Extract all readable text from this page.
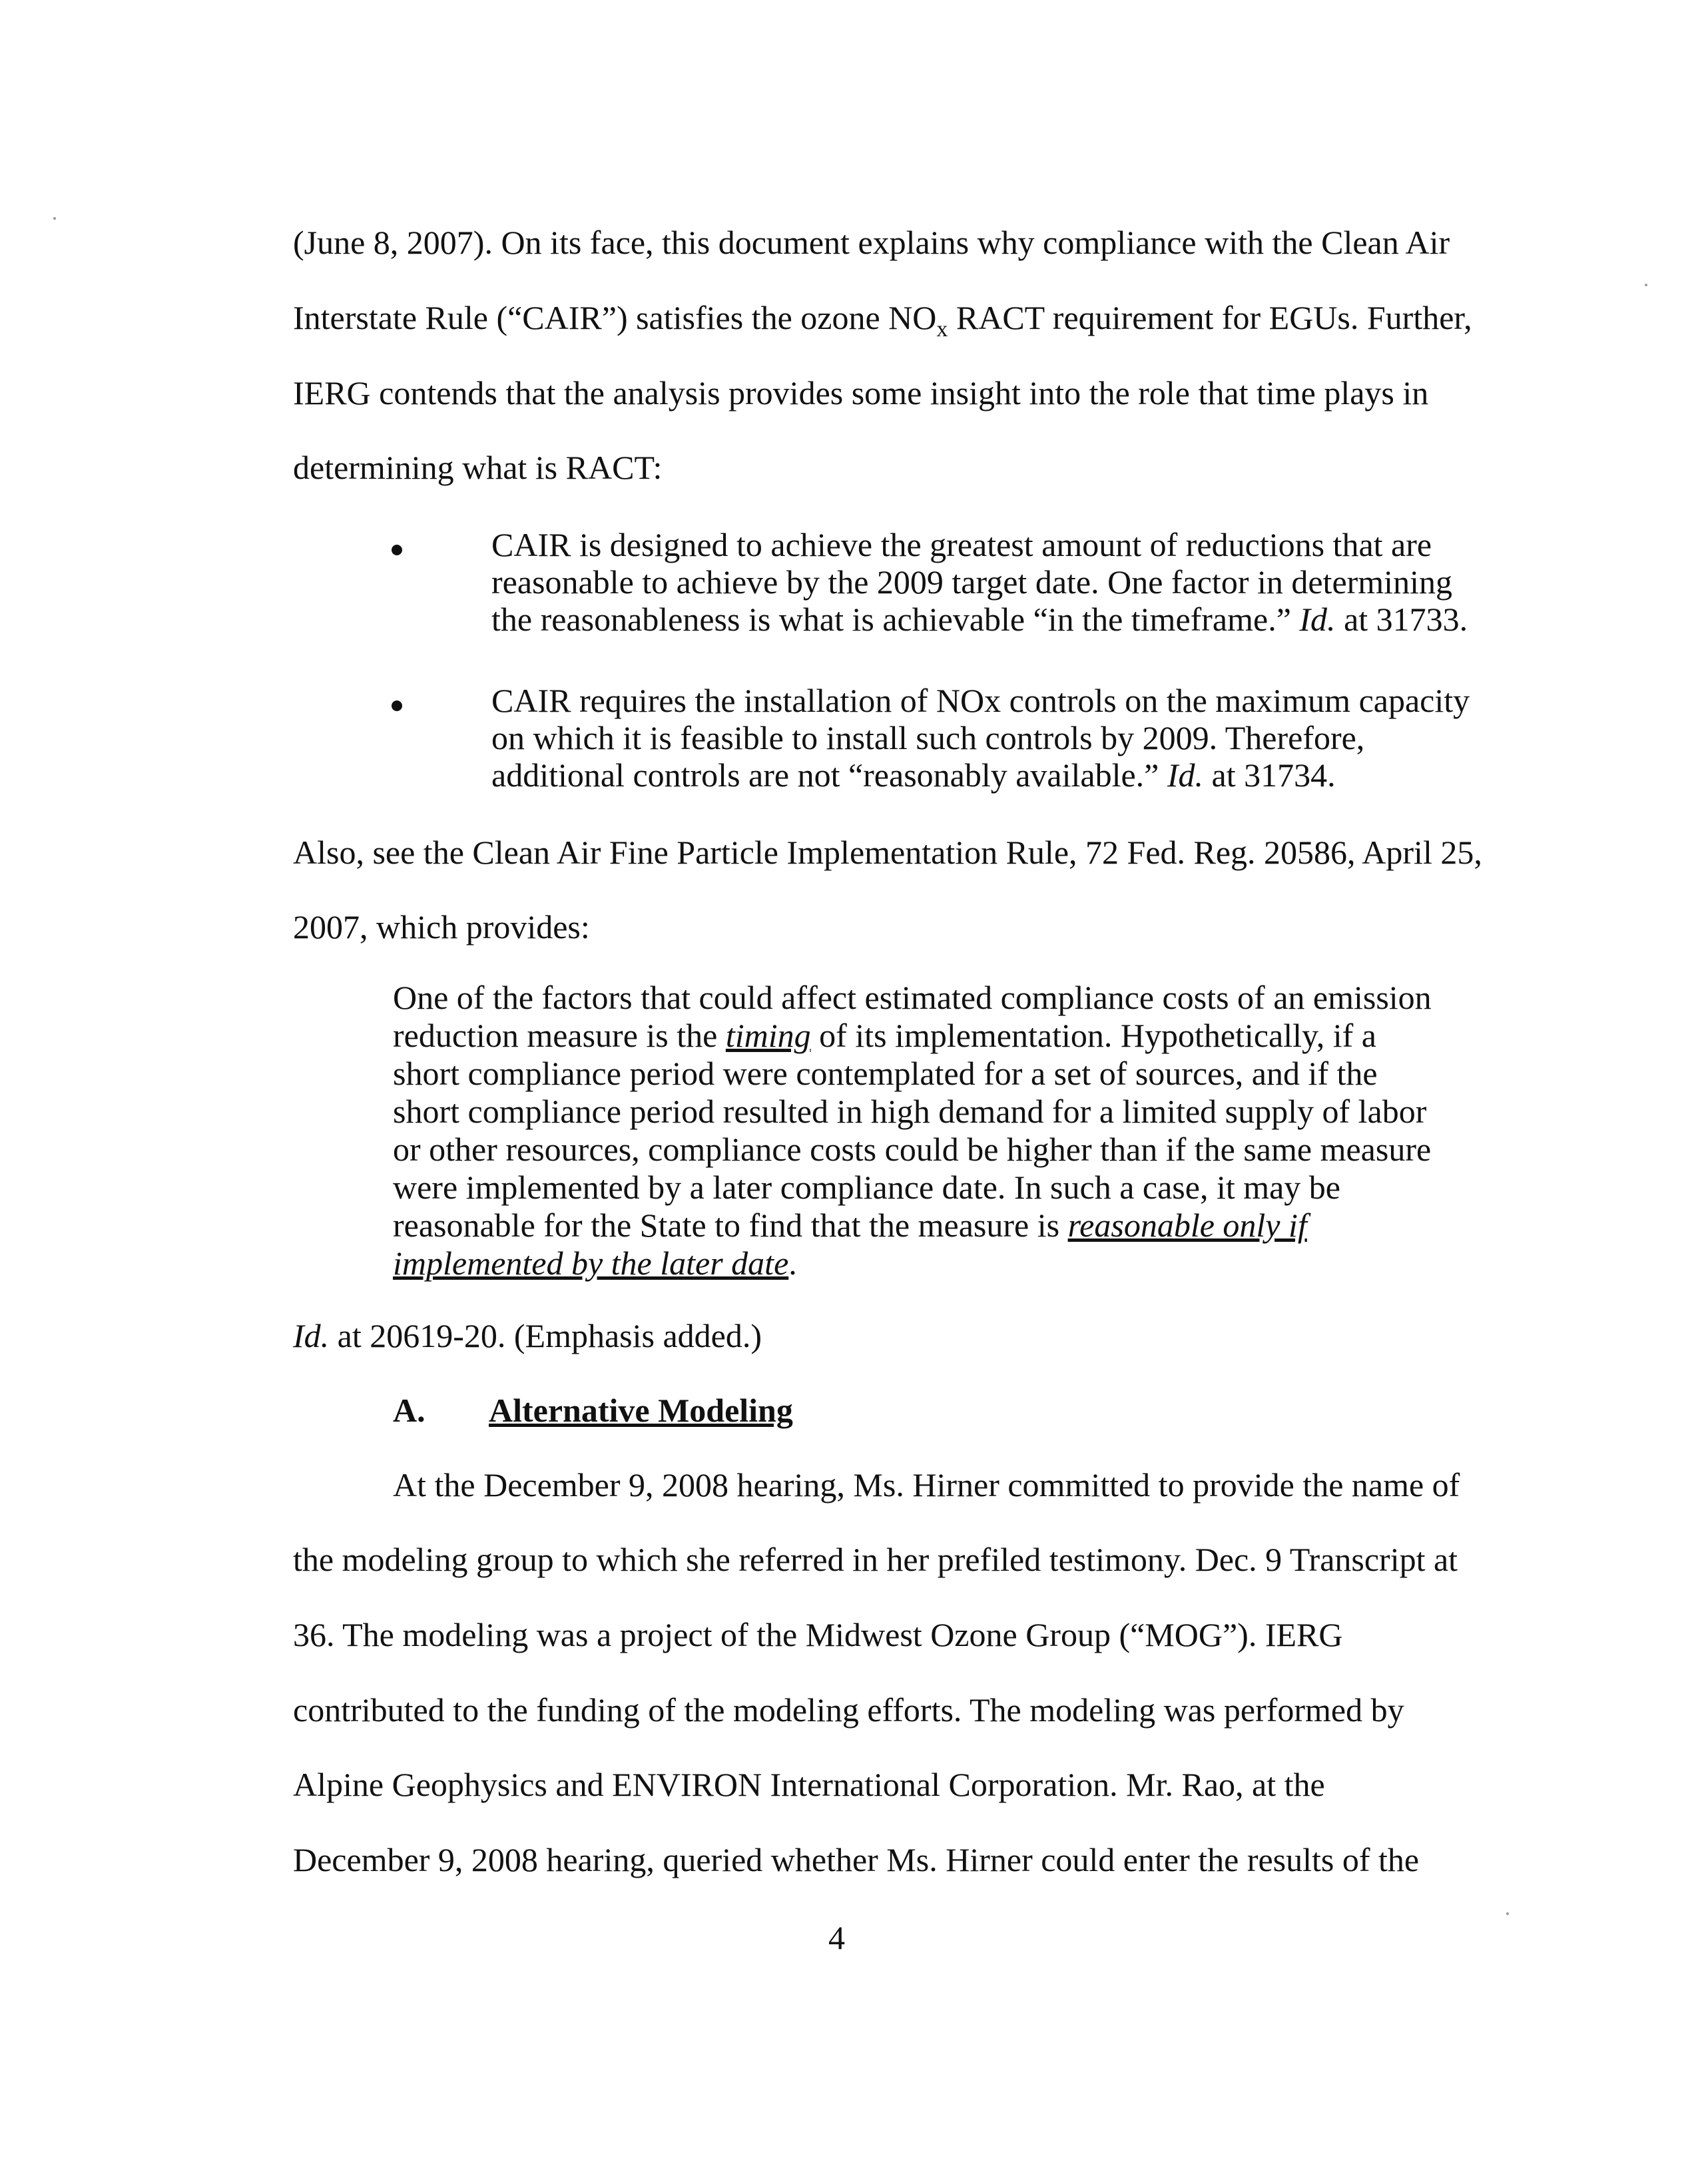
(June 8, 2007). On its face, this document explains why compliance with the Clean Air
Interstate Rule (“CAIR”) satisfies the ozone $NO_x$ RACT requirement for EGUs. Further,
IERG contends that the analysis provides some insight into the role that time plays in
determining what is RACT:
CAIR is designed to achieve the greatest amount of reductions that are reasonable to achieve by the 2009 target date. One factor in determining the reasonableness is what is achievable “in the timeframe.” Id. at 31733.
CAIR requires the installation of NOx controls on the maximum capacity on which it is feasible to install such controls by 2009. Therefore, additional controls are not “reasonably available.” Id. at 31734.
Also, see the Clean Air Fine Particle Implementation Rule, 72 Fed. Reg. 20586, April 25,
2007, which provides:
One of the factors that could affect estimated compliance costs of an emission reduction measure is the timing of its implementation. Hypothetically, if a short compliance period were contemplated for a set of sources, and if the short compliance period resulted in high demand for a limited supply of labor or other resources, compliance costs could be higher than if the same measure were implemented by a later compliance date. In such a case, it may be reasonable for the State to find that the measure is reasonable only if implemented by the later date.
Id. at 20619-20. (Emphasis added.)
A. Alternative Modeling
At the December 9, 2008 hearing, Ms. Hirner committed to provide the name of
the modeling group to which she referred in her prefiled testimony. Dec. 9 Transcript at
36. The modeling was a project of the Midwest Ozone Group (“MOG”). IERG
contributed to the funding of the modeling efforts. The modeling was performed by
Alpine Geophysics and ENVIRON International Corporation. Mr. Rao, at the
December 9, 2008 hearing, queried whether Ms. Hirner could enter the results of the
4
